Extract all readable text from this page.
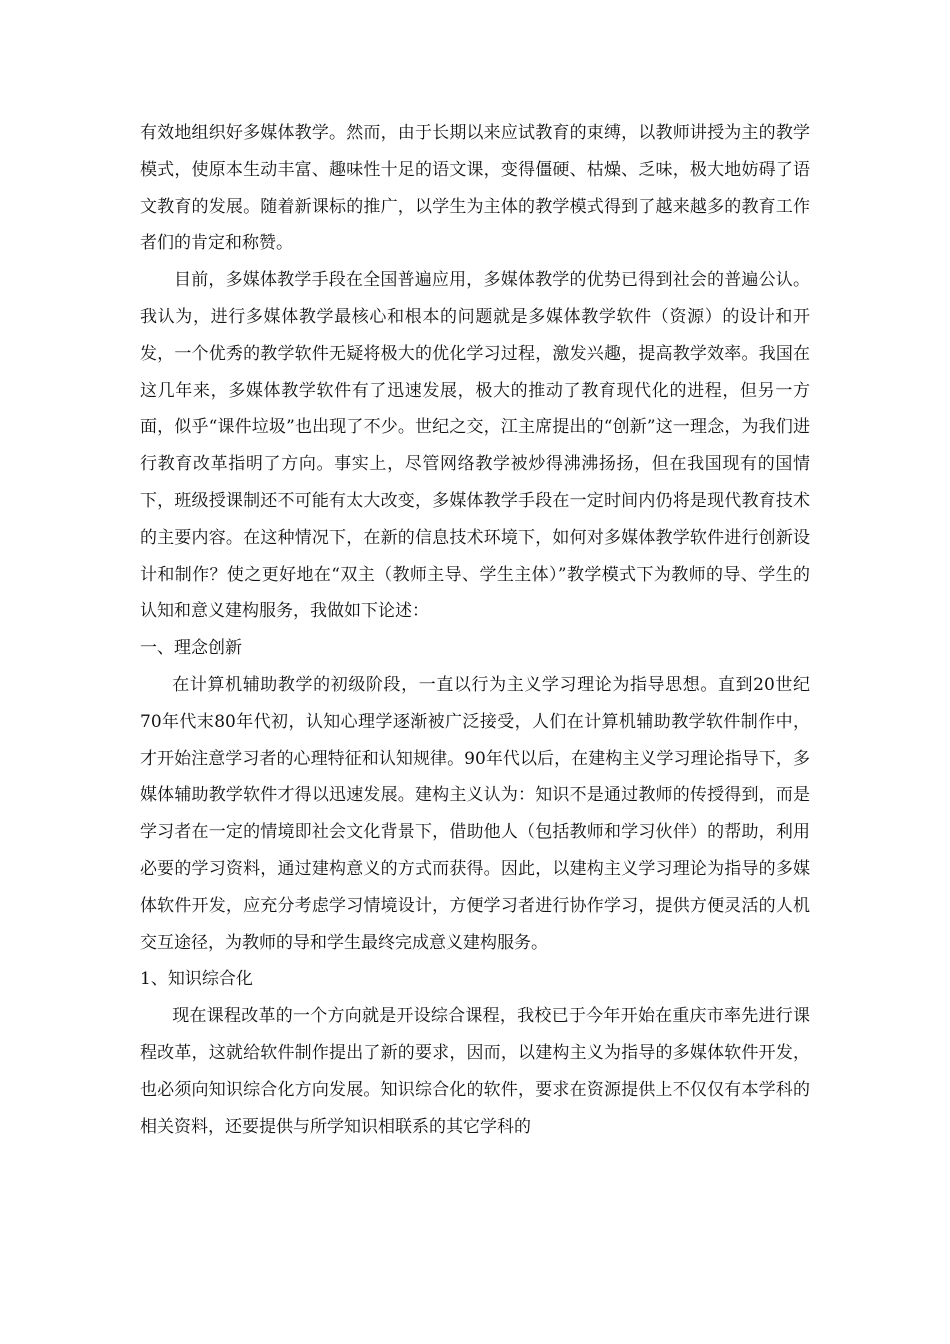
有效地组织好多媒体教学。然而，由于长期以来应试教育的束缚，以教师讲授为主的教学模式，使原本生动丰富、趣味性十足的语文课，变得僵硬、枯燥、乏味，极大地妨碍了语文教育的发展。随着新课标的推广，以学生为主体的教学模式得到了越来越多的教育工作者们的肯定和称赞。

目前，多媒体教学手段在全国普遍应用，多媒体教学的优势已得到社会的普遍公认。我认为，进行多媒体教学最核心和根本的问题就是多媒体教学软件（资源）的设计和开发，一个优秀的教学软件无疑将极大的优化学习过程，激发兴趣，提高教学效率。我国在这几年来，多媒体教学软件有了迅速发展，极大的推动了教育现代化的进程，但另一方面，似乎“课件垃圾”也出现了不少。世纪之交，江主席提出的“创新”这一理念，为我们进行教育改革指明了方向。事实上，尽管网络教学被炒得沸沸扬扬，但在我国现有的国情下，班级授课制还不可能有太大改变，多媒体教学手段在一定时间内仍将是现代教育技术的主要内容。在这种情况下，在新的信息技术环境下，如何对多媒体教学软件进行创新设计和制作？使之更好地在“双主（教师主导、学生主体）”教学模式下为教师的导、学生的认知和意义建构服务，我做如下论述：

一、理念创新

在计算机辅助教学的初级阶段，一直以行为主义学习理论为指导思想。直到20世纪70年代末80年代初，认知心理学逐渐被广泛接受，人们在计算机辅助教学软件制作中，才开始注意学习者的心理特征和认知规律。90年代以后，在建构主义学习理论指导下，多媒体辅助教学软件才得以迅速发展。建构主义认为：知识不是通过教师的传授得到，而是学习者在一定的情境即社会文化背景下，借助他人（包括教师和学习伙伴）的帮助，利用必要的学习资料，通过建构意义的方式而获得。因此，以建构主义学习理论为指导的多媒体软件开发，应充分考虑学习情境设计，方便学习者进行协作学习，提供方便灵活的人机交互途径，为教师的导和学生最终完成意义建构服务。

1、知识综合化

现在课程改革的一个方向就是开设综合课程，我校已于今年开始在重庆市率先进行课程改革，这就给软件制作提出了新的要求，因而，以建构主义为指导的多媒体软件开发，也必须向知识综合化方向发展。知识综合化的软件，要求在资源提供上不仅仅有本学科的相关资料，还要提供与所学知识相联系的其它学科的
